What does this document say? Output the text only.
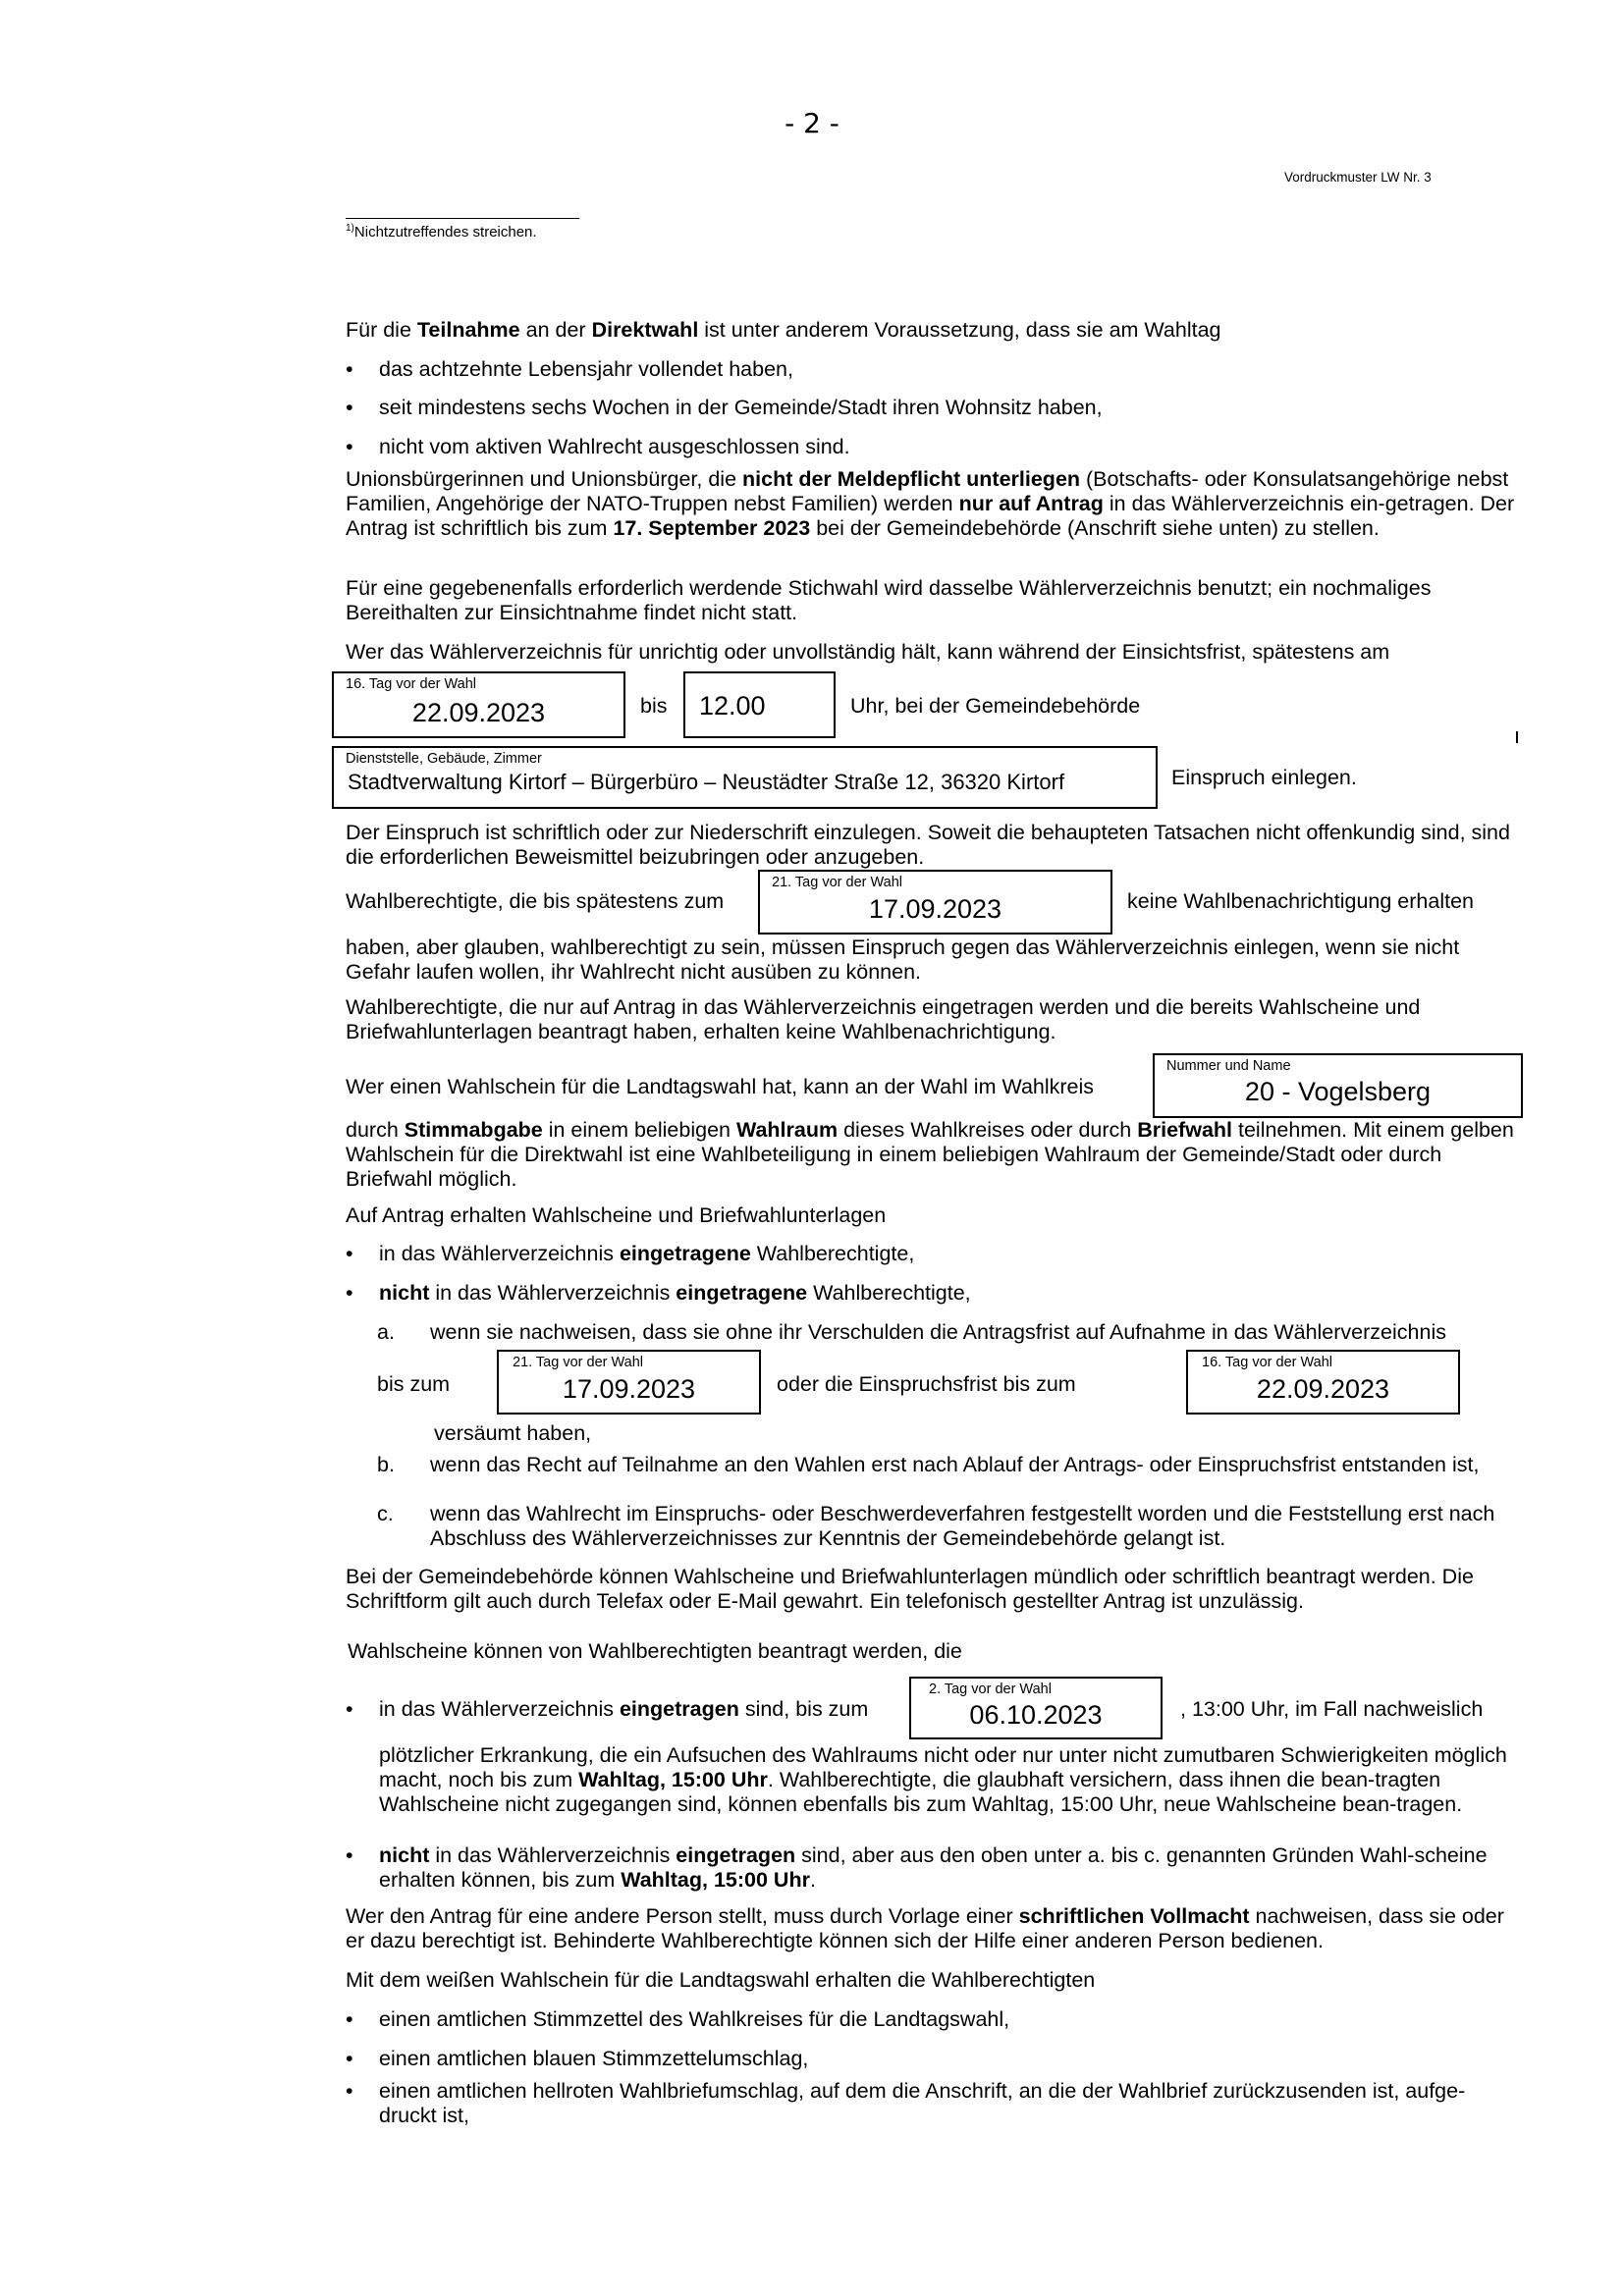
- 2 -
Vordruckmuster LW Nr. 3
$^{1)}$Nichtzutreffendes streichen.
Für die Teilnahme an der Direktwahl ist unter anderem Voraussetzung, dass sie am Wahltag
• das achtzehnte Lebensjahr vollendet haben,
• seit mindestens sechs Wochen in der Gemeinde/Stadt ihren Wohnsitz haben,
• nicht vom aktiven Wahlrecht ausgeschlossen sind.
Unionsbürgerinnen und Unionsbürger, die nicht der Meldepflicht unterliegen (Botschafts- oder Konsulatsangehörige nebst Familien, Angehörige der NATO-Truppen nebst Familien) werden nur auf Antrag in das Wählerverzeichnis ein-getragen. Der Antrag ist schriftlich bis zum 17. September 2023 bei der Gemeindebehörde (Anschrift siehe unten) zu stellen.
Für eine gegebenenfalls erforderlich werdende Stichwahl wird dasselbe Wählerverzeichnis benutzt; ein nochmaliges Bereithalten zur Einsichtnahme findet nicht statt.
Wer das Wählerverzeichnis für unrichtig oder unvollständig hält, kann während der Einsichtsfrist, spätestens am
16. Tag vor der Wahl
22.09.2023	bis 12.00	Uhr, bei der Gemeindebehörde
Dienststelle, Gebäude, Zimmer
Stadtverwaltung Kirtorf – Bürgerbüro – Neustädter Straße 12, 36320 Kirtorf	Einspruch einlegen.
Der Einspruch ist schriftlich oder zur Niederschrift einzulegen. Soweit die behaupteten Tatsachen nicht offenkundig sind, sind die erforderlichen Beweismittel beizubringen oder anzugeben.
Wahlberechtigte, die bis spätestens zum
21. Tag vor der Wahl
17.09.2023	keine Wahlbenachrichtigung erhalten
haben, aber glauben, wahlberechtigt zu sein, müssen Einspruch gegen das Wählerverzeichnis einlegen, wenn sie nicht Gefahr laufen wollen, ihr Wahlrecht nicht ausüben zu können.
Wahlberechtigte, die nur auf Antrag in das Wählerverzeichnis eingetragen werden und die bereits Wahlscheine und Briefwahlunterlagen beantragt haben, erhalten keine Wahlbenachrichtigung.
Wer einen Wahlschein für die Landtagswahl hat, kann an der Wahl im Wahlkreis
Nummer und Name
20 - Vogelsberg
durch Stimmabgabe in einem beliebigen Wahlraum dieses Wahlkreises oder durch Briefwahl teilnehmen. Mit einem gelben Wahlschein für die Direktwahl ist eine Wahlbeteiligung in einem beliebigen Wahlraum der Gemeinde/Stadt oder durch Briefwahl möglich.
Auf Antrag erhalten Wahlscheine und Briefwahlunterlagen
• in das Wählerverzeichnis eingetragene Wahlberechtigte,
• nicht in das Wählerverzeichnis eingetragene Wahlberechtigte,
a. wenn sie nachweisen, dass sie ohne ihr Verschulden die Antragsfrist auf Aufnahme in das Wählerverzeichnis
bis zum
21. Tag vor der Wahl
17.09.2023	oder die Einspruchsfrist bis zum
16. Tag vor der Wahl
22.09.2023
versäumt haben,
b. wenn das Recht auf Teilnahme an den Wahlen erst nach Ablauf der Antrags- oder Einspruchsfrist entstanden ist,
c. wenn das Wahlrecht im Einspruchs- oder Beschwerdeverfahren festgestellt worden und die Feststellung erst nach Abschluss des Wählerverzeichnisses zur Kenntnis der Gemeindebehörde gelangt ist.
Bei der Gemeindebehörde können Wahlscheine und Briefwahlunterlagen mündlich oder schriftlich beantragt werden. Die Schriftform gilt auch durch Telefax oder E-Mail gewahrt. Ein telefonisch gestellter Antrag ist unzulässig.
Wahlscheine können von Wahlberechtigten beantragt werden, die
• in das Wählerverzeichnis eingetragen sind, bis zum
2. Tag vor der Wahl
06.10.2023	, 13:00 Uhr, im Fall nachweislich
plötzlicher Erkrankung, die ein Aufsuchen des Wahlraums nicht oder nur unter nicht zumutbaren Schwierigkeiten möglich macht, noch bis zum Wahltag, 15:00 Uhr. Wahlberechtigte, die glaubhaft versichern, dass ihnen die bean-tragten Wahlscheine nicht zugegangen sind, können ebenfalls bis zum Wahltag, 15:00 Uhr, neue Wahlscheine bean-tragen.
• nicht in das Wählerverzeichnis eingetragen sind, aber aus den oben unter a. bis c. genannten Gründen Wahl-scheine erhalten können, bis zum Wahltag, 15:00 Uhr.
Wer den Antrag für eine andere Person stellt, muss durch Vorlage einer schriftlichen Vollmacht nachweisen, dass sie oder er dazu berechtigt ist. Behinderte Wahlberechtigte können sich der Hilfe einer anderen Person bedienen.
Mit dem weißen Wahlschein für die Landtagswahl erhalten die Wahlberechtigten
• einen amtlichen Stimmzettel des Wahlkreises für die Landtagswahl,
• einen amtlichen blauen Stimmzettelumschlag,
• einen amtlichen hellroten Wahlbriefumschlag, auf dem die Anschrift, an die der Wahlbrief zurückzusenden ist, aufge-druckt ist,
